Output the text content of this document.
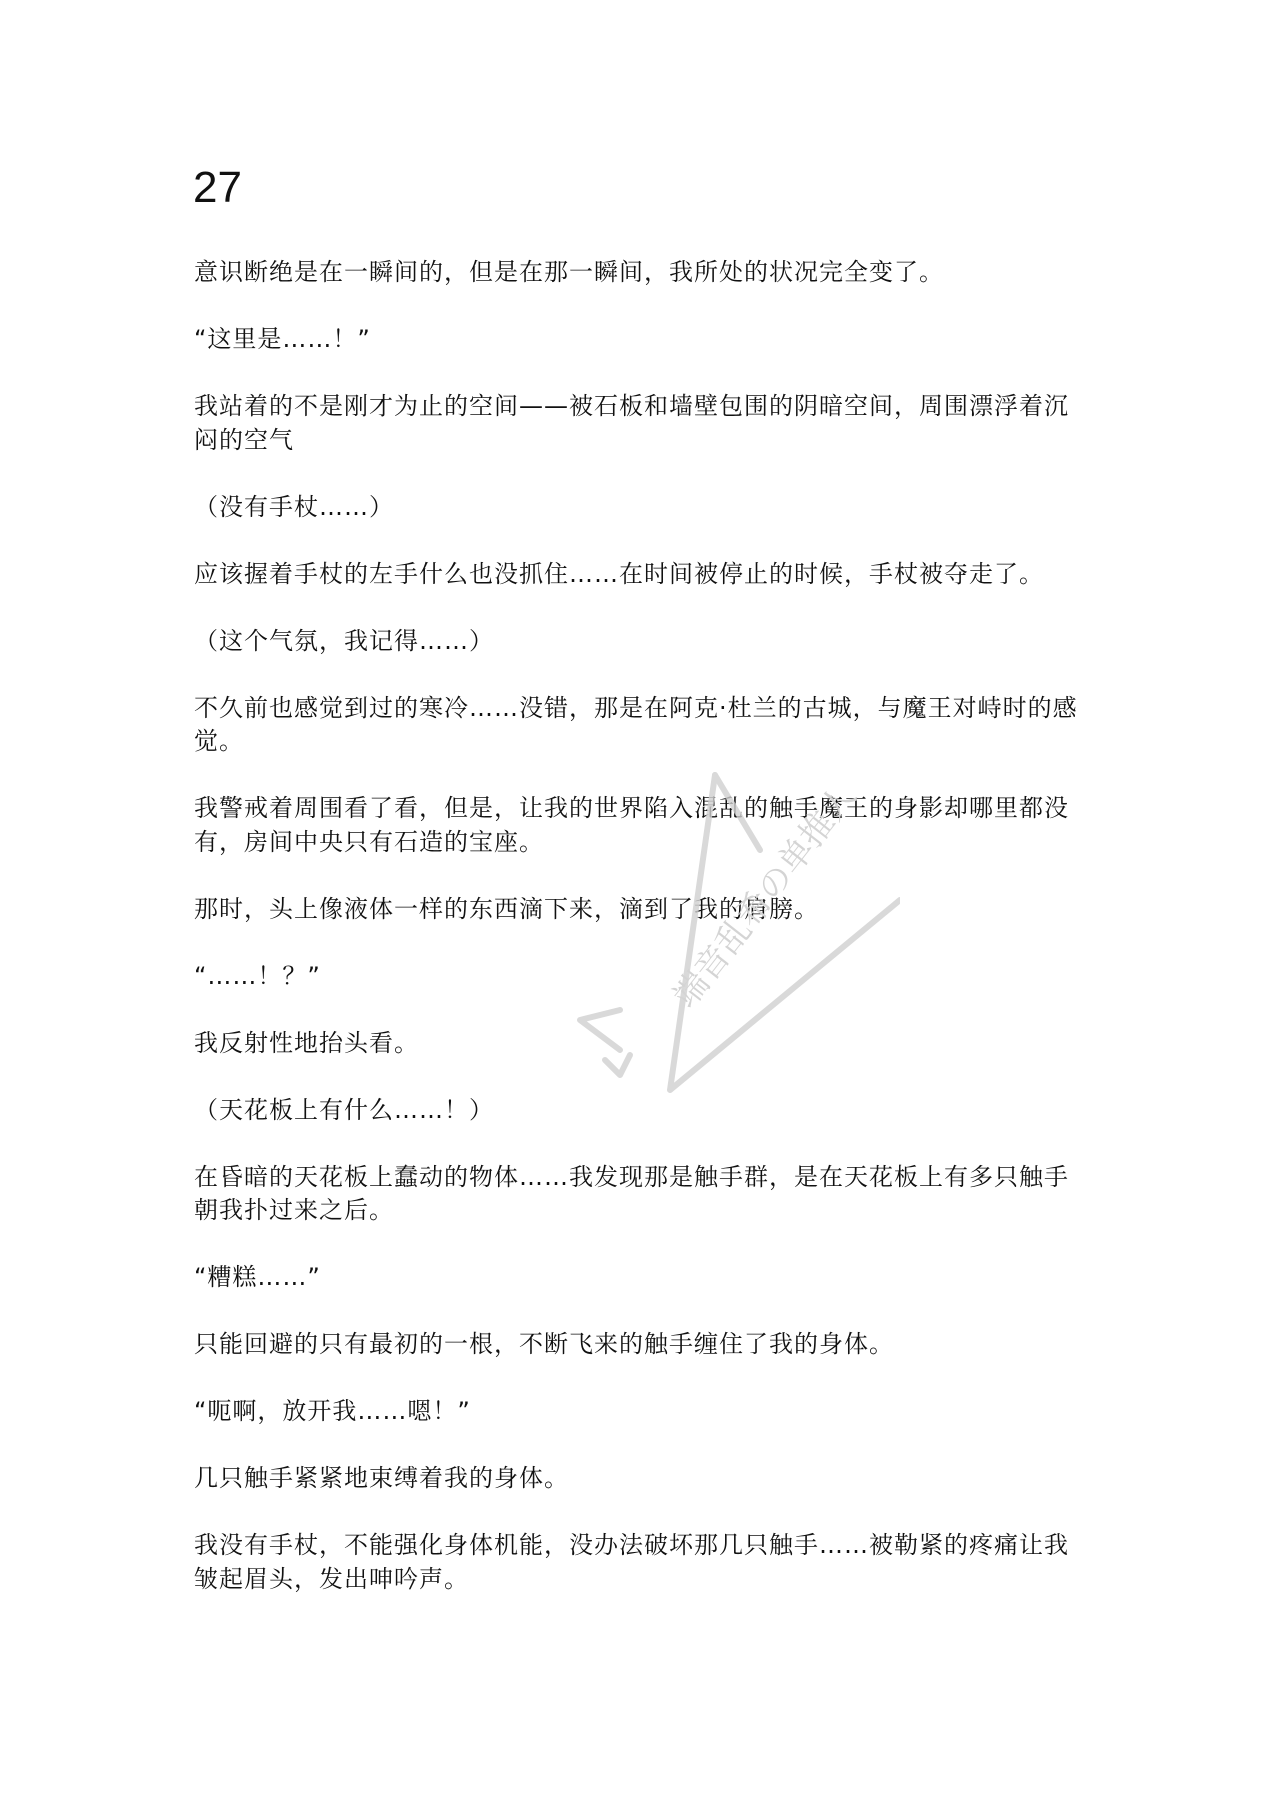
27

意识断绝是在一瞬间的，但是在那一瞬间，我所处的状况完全变了。

“这里是……！”

我站着的不是刚才为止的空间——被石板和墙壁包围的阴暗空间，周围漂浮着沉闷的空气

（没有手杖……）

应该握着手杖的左手什么也没抓住……在时间被停止的时候，手杖被夺走了。

（这个气氛，我记得……）

不久前也感觉到过的寒冷……没错，那是在阿克·杜兰的古城，与魔王对峙时的感觉。

我警戒着周围看了看，但是，让我的世界陷入混乱的触手魔王的身影却哪里都没有，房间中央只有石造的宝座。

那时，头上像液体一样的东西滴下来，滴到了我的肩膀。

“……！？”

我反射性地抬头看。

（天花板上有什么……！）

在昏暗的天花板上蠢动的物体……我发现那是触手群，是在天花板上有多只触手朝我扑过来之后。

“糟糕……”

只能回避的只有最初的一根，不断飞来的触手缠住了我的身体。

“呃啊，放开我……嗯！”

几只触手紧紧地束缚着我的身体。

我没有手杖，不能强化身体机能，没办法破坏那几只触手……被勒紧的疼痛让我皱起眉头，发出呻吟声。

端音乱希の单推人
